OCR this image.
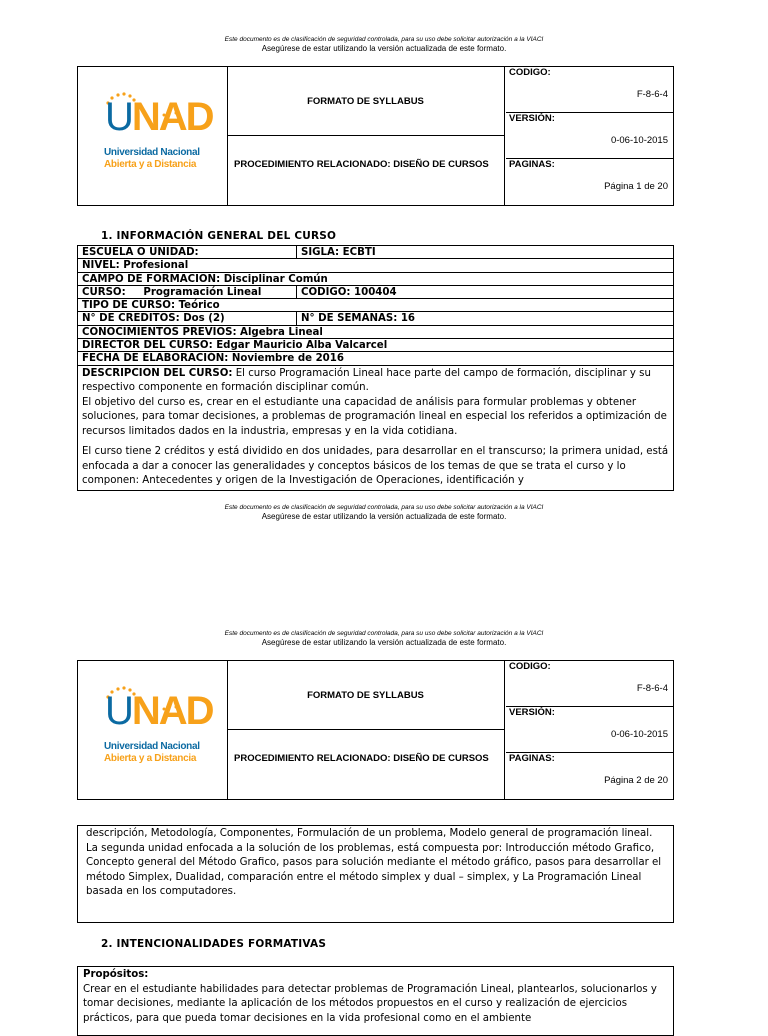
Este documento es de clasificación de seguridad controlada, para su uso debe solicitar autorización a la VIACI
Asegúrese de estar utilizando la versión actualizada de este formato.
UNAD
Universidad Nacional
Abierta y a Distancia
FORMATO DE SYLLABUS
PROCEDIMIENTO RELACIONADO: DISEÑO DE CURSOS
CODIGO:
F-8-6-4
VERSIÓN:
0-06-10-2015
PAGINAS:
Página 1 de 20
1. INFORMACIÓN GENERAL DEL CURSO
ESCUELA O UNIDAD:	SIGLA: ECBTI
NIVEL: Profesional
CAMPO DE FORMACION: Disciplinar Común
CURSO:     Programación Lineal	CODIGO: 100404
TIPO DE CURSO: Teórico
N° DE CREDITOS: Dos (2)	N° DE SEMANAS: 16
CONOCIMIENTOS PREVIOS: Algebra Lineal
DIRECTOR DEL CURSO: Edgar Mauricio Alba Valcarcel
FECHA DE ELABORACIÓN: Noviembre de 2016

DESCRIPCION DEL CURSO: El curso Programación Lineal hace parte del campo de formación, disciplinar y su respectivo componente en formación disciplinar común.

El objetivo del curso es, crear en el estudiante una capacidad de análisis para formular problemas y obtener soluciones, para tomar decisiones, a problemas de programación lineal en especial los referidos a optimización de recursos limitados dados en la industria, empresas y en la vida cotidiana.

El curso tiene 2 créditos y está dividido en dos unidades, para desarrollar en el transcurso; la primera unidad, está enfocada a dar a conocer las generalidades y conceptos básicos de los temas de que se trata el curso y lo componen: Antecedentes y origen de la Investigación de Operaciones, identificación y

Este documento es de clasificación de seguridad controlada, para su uso debe solicitar autorización a la VIACI
Asegúrese de estar utilizando la versión actualizada de este formato.
Este documento es de clasificación de seguridad controlada, para su uso debe solicitar autorización a la VIACI
Asegúrese de estar utilizando la versión actualizada de este formato.
UNAD
Universidad Nacional
Abierta y a Distancia
FORMATO DE SYLLABUS
PROCEDIMIENTO RELACIONADO: DISEÑO DE CURSOS
CODIGO:
F-8-6-4
VERSIÓN:
0-06-10-2015
PAGINAS:
Página 2 de 20
descripción, Metodología, Componentes, Formulación de un problema, Modelo general de programación lineal. La segunda unidad enfocada a la solución de los problemas, está compuesta por: Introducción método Grafico, Concepto general del Método Grafico, pasos para solución mediante el método gráfico, pasos para desarrollar el método Simplex, Dualidad, comparación entre el método simplex y dual – simplex, y La Programación Lineal basada en los computadores.
2. INTENCIONALIDADES FORMATIVAS
Propósitos:
Crear en el estudiante habilidades para detectar problemas de Programación Lineal, plantearlos, solucionarlos y tomar decisiones, mediante la aplicación de los métodos propuestos en el curso y realización de ejercicios prácticos, para que pueda tomar decisiones en la vida profesional como en el ambiente
